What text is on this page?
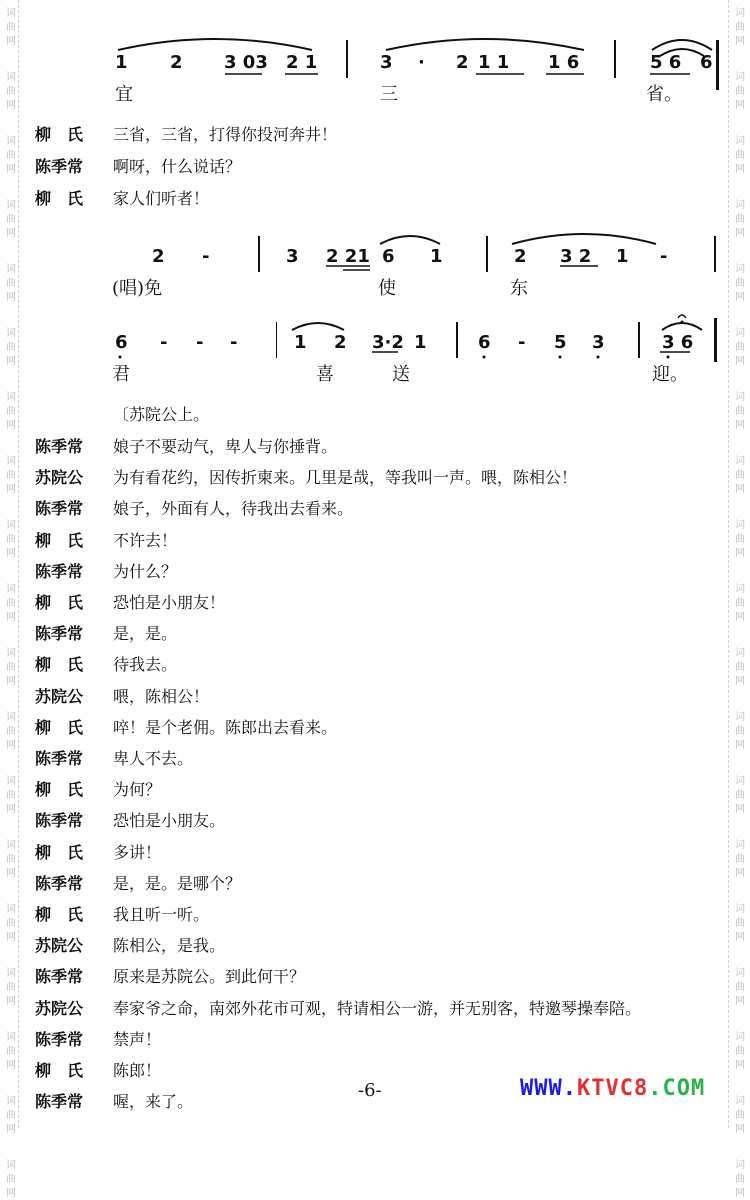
词
曲
网
词
曲
网
词
曲
网
词
曲
网
词
曲
网
词
曲
网
词
曲
网
词
曲
网
词
曲
网
词
曲
网
词
曲
网
词
曲
网
词
曲
网
词
曲
网
词
曲
网
词
曲
网
词
曲
网
词
曲
网
词
曲
网
词
曲
网
词
曲
网
词
曲
网
词
曲
网
词
曲
网
词
曲
网
词
曲
网
词
曲
网
词
曲
网
词
曲
网
词
曲
网
词
曲
网
词
曲
网
词
曲
网
词
曲
网
词
曲
网
词
曲
网
词
曲
网
词
曲
网
1 2 3 03 2 1	3 · 2 1 1 1 6	5 6 6
宜	三	省。
柳　氏 三省，三省，打得你投河奔井！
陈季常 啊呀，什么说话？
柳　氏 家人们听者！
2 -	3 2 21 6 1	2 3 2 1 -
(唱)免	使	东
6 - - -	1 2 3·2 1	6 - 5 3	3 6
君	喜	送	迎。
〔苏院公上。
陈季常 娘子不要动气，卑人与你捶背。
苏院公 为有看花约，因传折柬来。几里是哉，等我叫一声。喂，陈相公！
陈季常 娘子，外面有人，待我出去看来。
柳　氏 不许去！
陈季常 为什么？
柳　氏 恐怕是小朋友！
陈季常 是，是。
柳　氏 待我去。
苏院公 喂，陈相公！
柳　氏 啐！是个老佣。陈郎出去看来。
陈季常 卑人不去。
柳　氏 为何？
陈季常 恐怕是小朋友。
柳　氏 多讲！
陈季常 是，是。是哪个？
柳　氏 我且听一听。
苏院公 陈相公，是我。
陈季常 原来是苏院公。到此何干？
苏院公 奉家爷之命，南郊外花市可观，特请相公一游，并无别客，特邀琴操奉陪。
陈季常 禁声！
柳　氏 陈郎！
陈季常 喔，来了。
-6-	WWW.KTVC8.COM
